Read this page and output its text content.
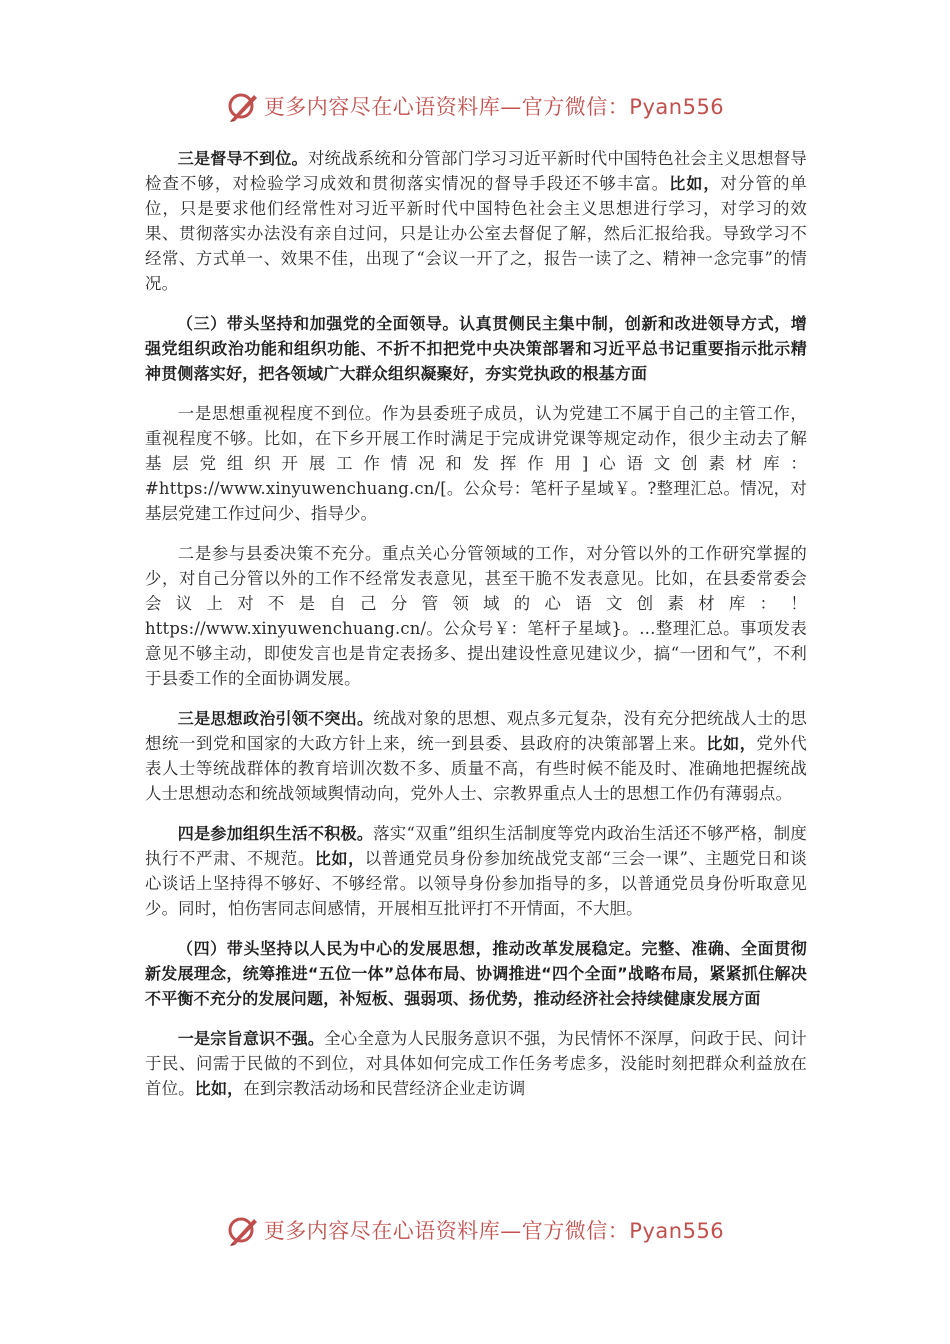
更多内容尽在心语资料库—官方微信：Pyan556

三是督导不到位。对统战系统和分管部门学习习近平新时代中国特色社会主义思想督导检查不够，对检验学习成效和贯彻落实情况的督导手段还不够丰富。比如，对分管的单位，只是要求他们经常性对习近平新时代中国特色社会主义思想进行学习，对学习的效果、贯彻落实办法没有亲自过问，只是让办公室去督促了解，然后汇报给我。导致学习不经常、方式单一、效果不佳，出现了“会议一开了之，报告一读了之、精神一念完事”的情况。

（三）带头坚持和加强党的全面领导。认真贯侧民主集中制，创新和改进领导方式，增强党组织政治功能和组织功能、不折不扣把党中央决策部署和习近平总书记重要指示批示精神贯侧落实好，把各领域广大群众组织凝聚好，夯实党执政的根基方面

一是思想重视程度不到位。作为县委班子成员，认为党建工不属于自己的主管工作，重视程度不够。比如，在下乡开展工作时满足于完成讲党课等规定动作，很少主动去了解基层党组织开展工作情况和发挥作用]心语文创素材库：#https://www.xinyuwenchuang.cn/[。公众号：笔杆子星域￥。?整理汇总。情况，对基层党建工作过问少、指导少。

二是参与县委决策不充分。重点关心分管领域的工作，对分管以外的工作研究掌握的少，对自己分管以外的工作不经常发表意见，甚至干脆不发表意见。比如，在县委常委会会议上对不是自己分管领域的心语文创素材库：！https://www.xinyuwenchuang.cn/。公众号￥：笔杆子星域}。…整理汇总。事项发表意见不够主动，即使发言也是肯定表扬多、提出建设性意见建议少，搞“一团和气”，不利于县委工作的全面协调发展。

三是思想政治引领不突出。统战对象的思想、观点多元复杂，没有充分把统战人士的思想统一到党和国家的大政方针上来，统一到县委、县政府的决策部署上来。比如，党外代表人士等统战群体的教育培训次数不多、质量不高，有些时候不能及时、准确地把握统战人士思想动态和统战领域舆情动向，党外人士、宗教界重点人士的思想工作仍有薄弱点。

四是参加组织生活不积极。落实“双重”组织生活制度等党内政治生活还不够严格，制度执行不严肃、不规范。比如，以普通党员身份参加统战党支部“三会一课”、主题党日和谈心谈话上坚持得不够好、不够经常。以领导身份参加指导的多，以普通党员身份听取意见少。同时，怕伤害同志间感情，开展相互批评打不开情面，不大胆。

（四）带头坚持以人民为中心的发展思想，推动改革发展稳定。完整、准确、全面贯彻新发展理念，统筹推进“五位一体”总体布局、协调推进“四个全面”战略布局，紧紧抓住解决不平衡不充分的发展问题，补短板、强弱项、扬优势，推动经济社会持续健康发展方面

一是宗旨意识不强。全心全意为人民服务意识不强，为民情怀不深厚，问政于民、问计于民、问需于民做的不到位，对具体如何完成工作任务考虑多，没能时刻把群众利益放在首位。比如，在到宗教活动场和民营经济企业走访调

更多内容尽在心语资料库—官方微信：Pyan556
